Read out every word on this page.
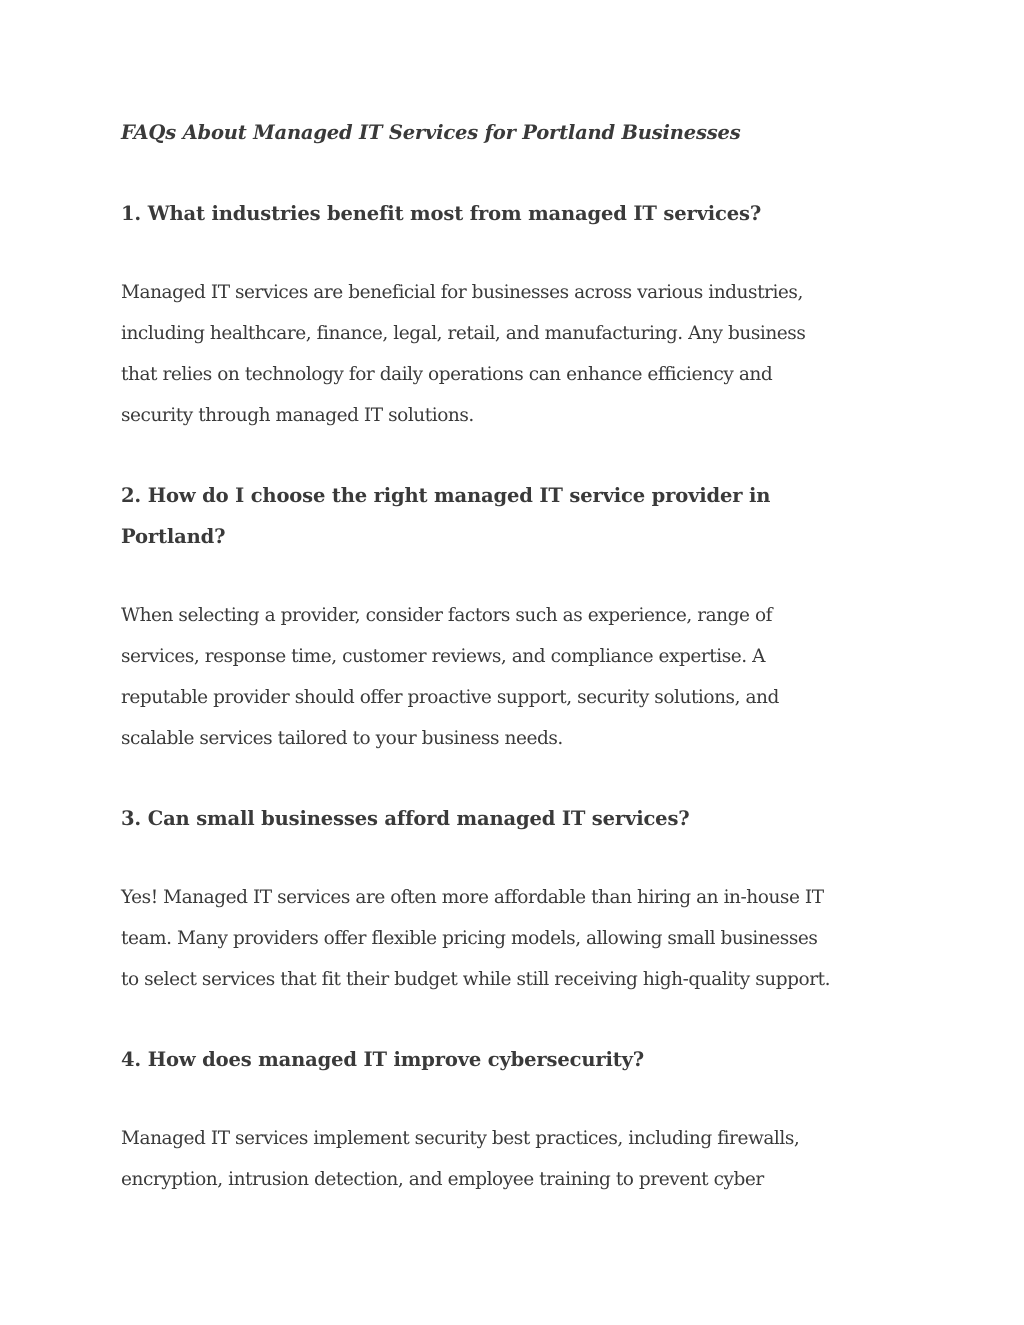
FAQs About Managed IT Services for Portland Businesses
1. What industries benefit most from managed IT services?
Managed IT services are beneficial for businesses across various industries,
including healthcare, finance, legal, retail, and manufacturing. Any business
that relies on technology for daily operations can enhance efficiency and
security through managed IT solutions.
2. How do I choose the right managed IT service provider in
Portland?
When selecting a provider, consider factors such as experience, range of
services, response time, customer reviews, and compliance expertise. A
reputable provider should offer proactive support, security solutions, and
scalable services tailored to your business needs.
3. Can small businesses afford managed IT services?
Yes! Managed IT services are often more affordable than hiring an in-house IT
team. Many providers offer flexible pricing models, allowing small businesses
to select services that fit their budget while still receiving high-quality support.
4. How does managed IT improve cybersecurity?
Managed IT services implement security best practices, including firewalls,
encryption, intrusion detection, and employee training to prevent cyber
